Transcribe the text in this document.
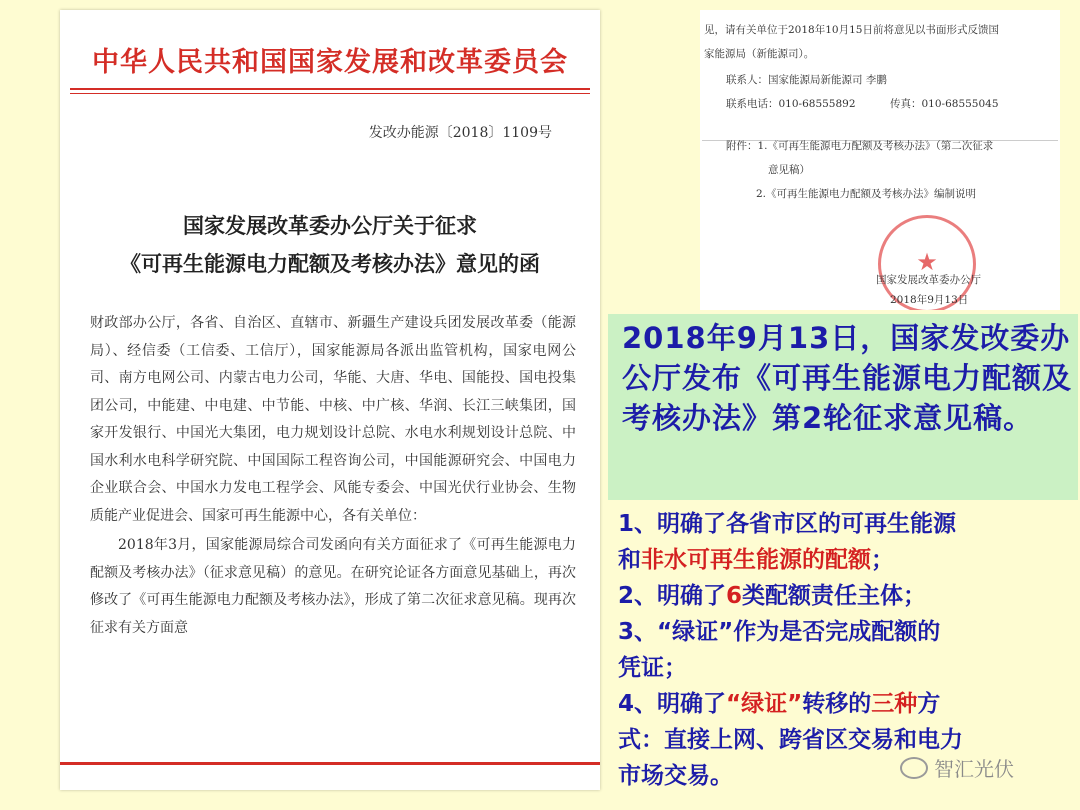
中华人民共和国国家发展和改革委员会
发改办能源〔2018〕1109号
国家发展改革委办公厅关于征求
《可再生能源电力配额及考核办法》意见的函

财政部办公厅，各省、自治区、直辖市、新疆生产建设兵团发展改革委（能源局）、经信委（工信委、工信厅），国家能源局各派出监管机构，国家电网公司、南方电网公司、内蒙古电力公司，华能、大唐、华电、国能投、国电投集团公司，中能建、中电建、中节能、中核、中广核、华润、长江三峡集团，国家开发银行、中国光大集团，电力规划设计总院、水电水利规划设计总院、中国水利水电科学研究院、中国国际工程咨询公司，中国能源研究会、中国电力企业联合会、中国水力发电工程学会、风能专委会、中国光伏行业协会、生物质能产业促进会、国家可再生能源中心，各有关单位：

2018年3月，国家能源局综合司发函向有关方面征求了《可再生能源电力配额及考核办法》（征求意见稿）的意见。在研究论证各方面意见基础上，再次修改了《可再生能源电力配额及考核办法》，形成了第二次征求意见稿。现再次征求有关方面意

见，请有关单位于2018年10月15日前将意见以书面形式反馈国
家能源局（新能源司）。
联系人：国家能源局新能源司 李鹏
联系电话：010-68555892	传真：010-68555045
附件：1.《可再生能源电力配额及考核办法》（第二次征求
意见稿）
2.《可再生能源电力配额及考核办法》编制说明
★
国家发展改革委办公厅
2018年9月13日
2018年9月13日，国家发改委办公厅发布《可再生能源电力配额及考核办法》第2轮征求意见稿。
1、明确了各省市区的可再生能源
和非水可再生能源的配额；
2、明确了6类配额责任主体；
3、“绿证”作为是否完成配额的
凭证；
4、明确了“绿证”转移的三种方
式：直接上网、跨省区交易和电力
市场交易。	智汇光伏
